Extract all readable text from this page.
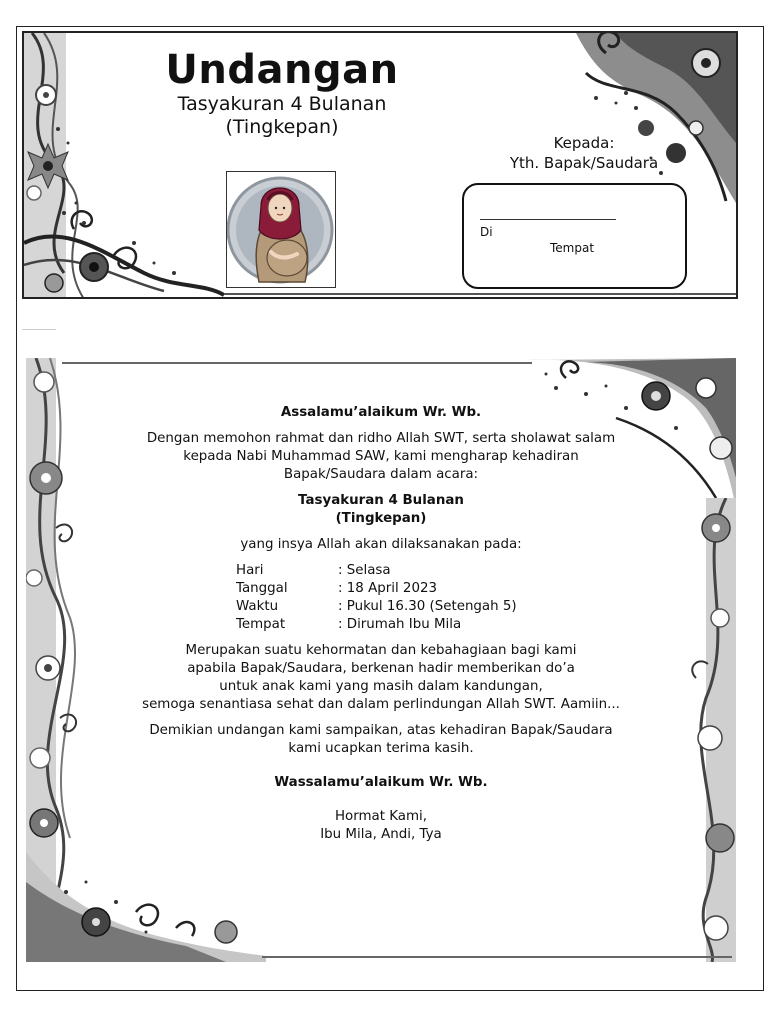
Undangan
Tasyakuran 4 Bulanan
(Tingkepan)
Kepada:
Yth. Bapak/Saudara
Di
Tempat

Assalamu’alaikum Wr. Wb.

Dengan memohon rahmat dan ridho Allah SWT, serta sholawat salam

kepada Nabi Muhammad SAW, kami mengharap kehadiran

Bapak/Saudara dalam acara:

Tasyakuran 4 Bulanan

(Tingkepan)

yang insya Allah akan dilaksanakan pada:

Hari	: Selasa
Tanggal	: 18 April 2023
Waktu	: Pukul 16.30 (Setengah 5)
Tempat	: Dirumah Ibu Mila

Merupakan suatu kehormatan dan kebahagiaan bagi kami

apabila Bapak/Saudara, berkenan hadir memberikan do’a

untuk anak kami yang masih dalam kandungan,

semoga senantiasa sehat dan dalam perlindungan Allah SWT. Aamiin...

Demikian undangan kami sampaikan, atas kehadiran Bapak/Saudara

kami ucapkan terima kasih.

Wassalamu’alaikum Wr. Wb.

Hormat Kami,

Ibu Mila, Andi, Tya
